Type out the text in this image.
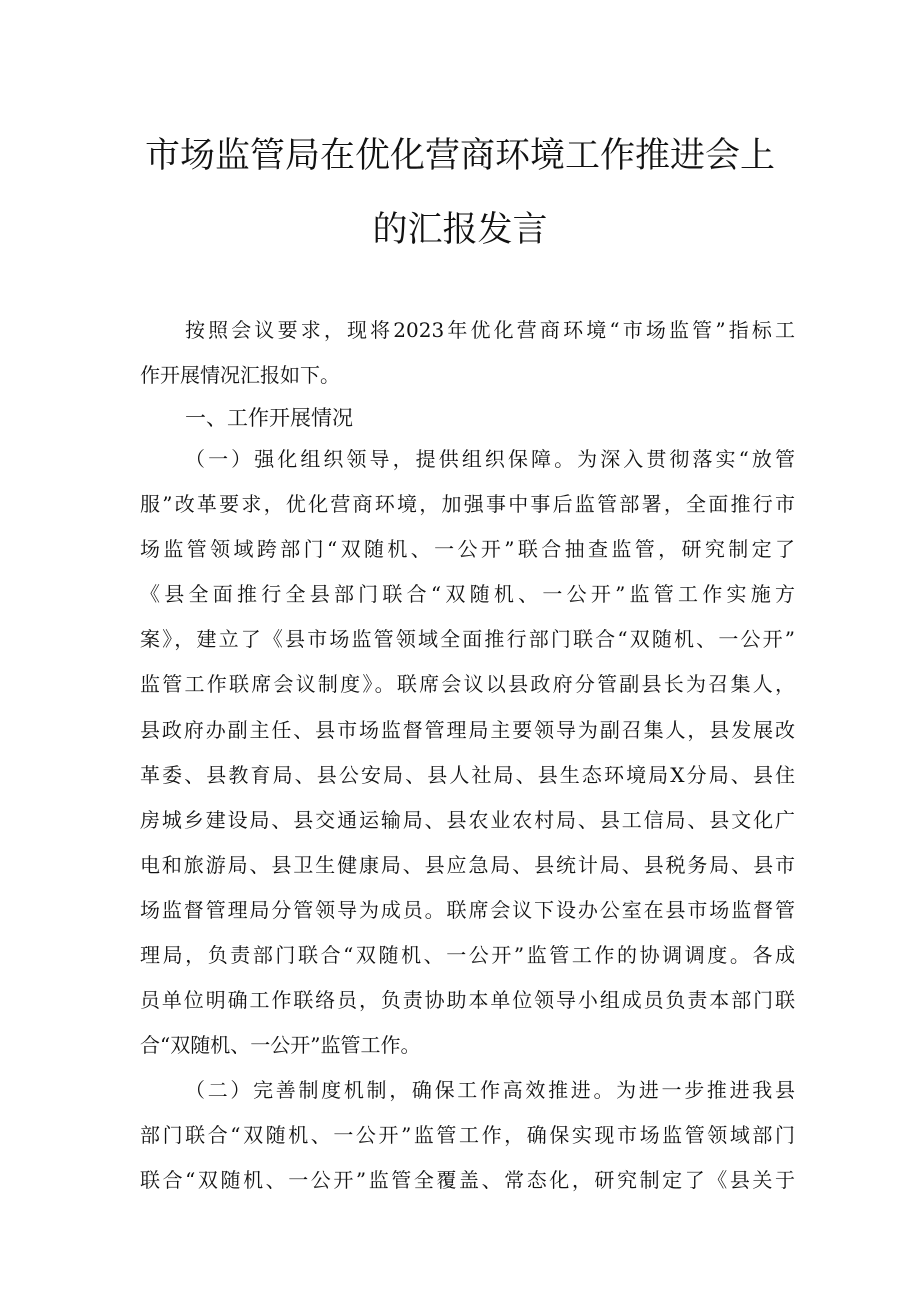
市场监管局在优化营商环境工作推进会上
的汇报发言
按照会议要求，现将2023年优化营商环境“市场监管”指标工
作开展情况汇报如下。
一、工作开展情况
（一）强化组织领导，提供组织保障。为深入贯彻落实“放管
服”改革要求，优化营商环境，加强事中事后监管部署，全面推行市
场监管领域跨部门“双随机、一公开”联合抽查监管，研究制定了
《县全面推行全县部门联合“双随机、一公开”监管工作实施方
案》，建立了《县市场监管领域全面推行部门联合“双随机、一公开”
监管工作联席会议制度》。联席会议以县政府分管副县长为召集人，
县政府办副主任、县市场监督管理局主要领导为副召集人，县发展改
革委、县教育局、县公安局、县人社局、县生态环境局X分局、县住
房城乡建设局、县交通运输局、县农业农村局、县工信局、县文化广
电和旅游局、县卫生健康局、县应急局、县统计局、县税务局、县市
场监督管理局分管领导为成员。联席会议下设办公室在县市场监督管
理局，负责部门联合“双随机、一公开”监管工作的协调调度。各成
员单位明确工作联络员，负责协助本单位领导小组成员负责本部门联
合“双随机、一公开”监管工作。
（二）完善制度机制，确保工作高效推进。为进一步推进我县
部门联合“双随机、一公开”监管工作，确保实现市场监管领域部门
联合“双随机、一公开”监管全覆盖、常态化，研究制定了《县关于
